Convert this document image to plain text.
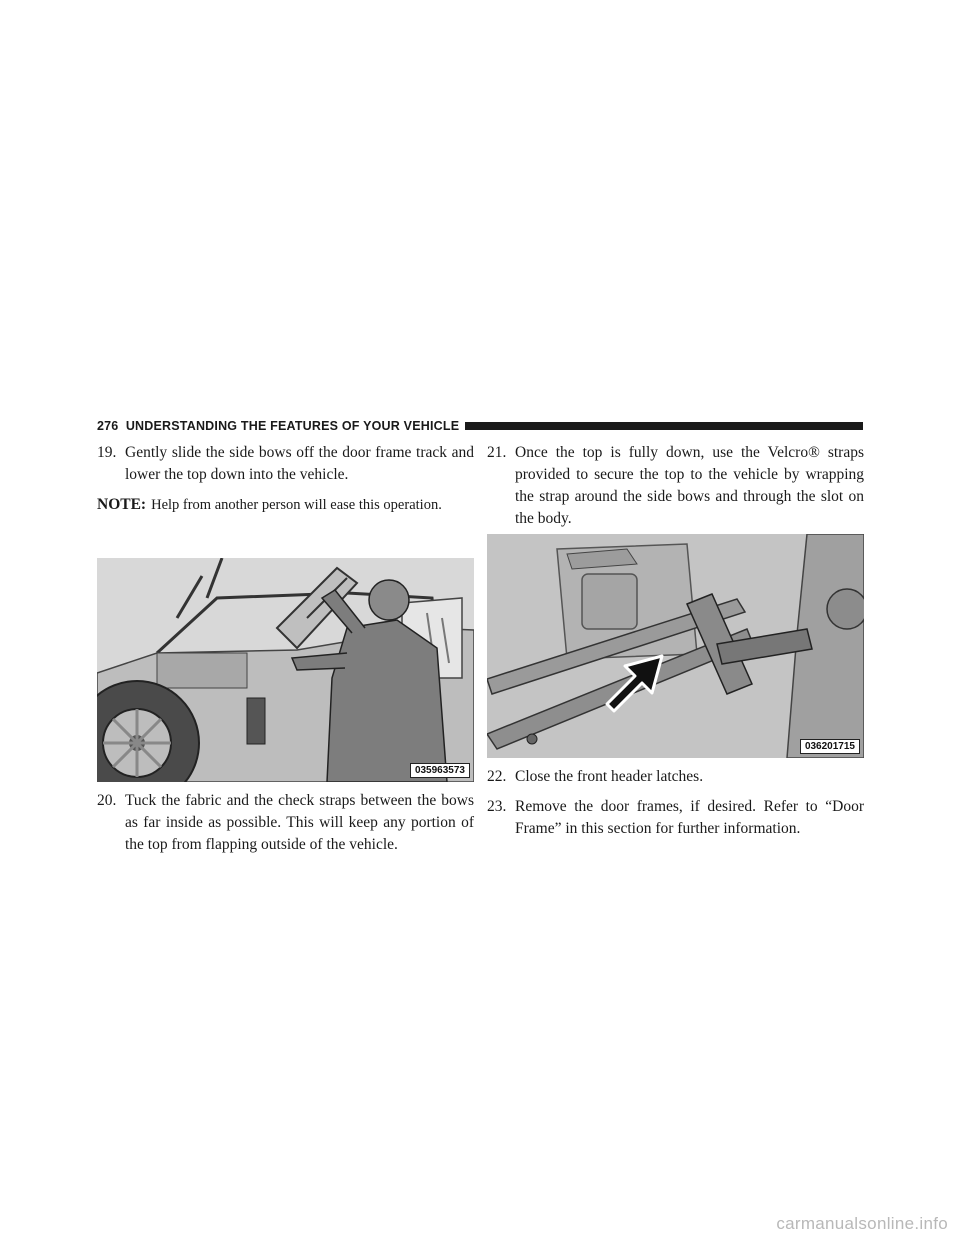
276 UNDERSTANDING THE FEATURES OF YOUR VEHICLE
19. Gently slide the side bows off the door frame track and lower the top down into the vehicle.
NOTE: Help from another person will ease this operation.
035963573
20. Tuck the fabric and the check straps between the bows as far inside as possible. This will keep any portion of the top from flapping outside of the vehicle.
21. Once the top is fully down, use the Velcro® straps provided to secure the top to the vehicle by wrapping the strap around the side bows and through the slot on the body.
036201715
22. Close the front header latches.
23. Remove the door frames, if desired. Refer to “Door Frame” in this section for further information.
carmanualsonline.info
